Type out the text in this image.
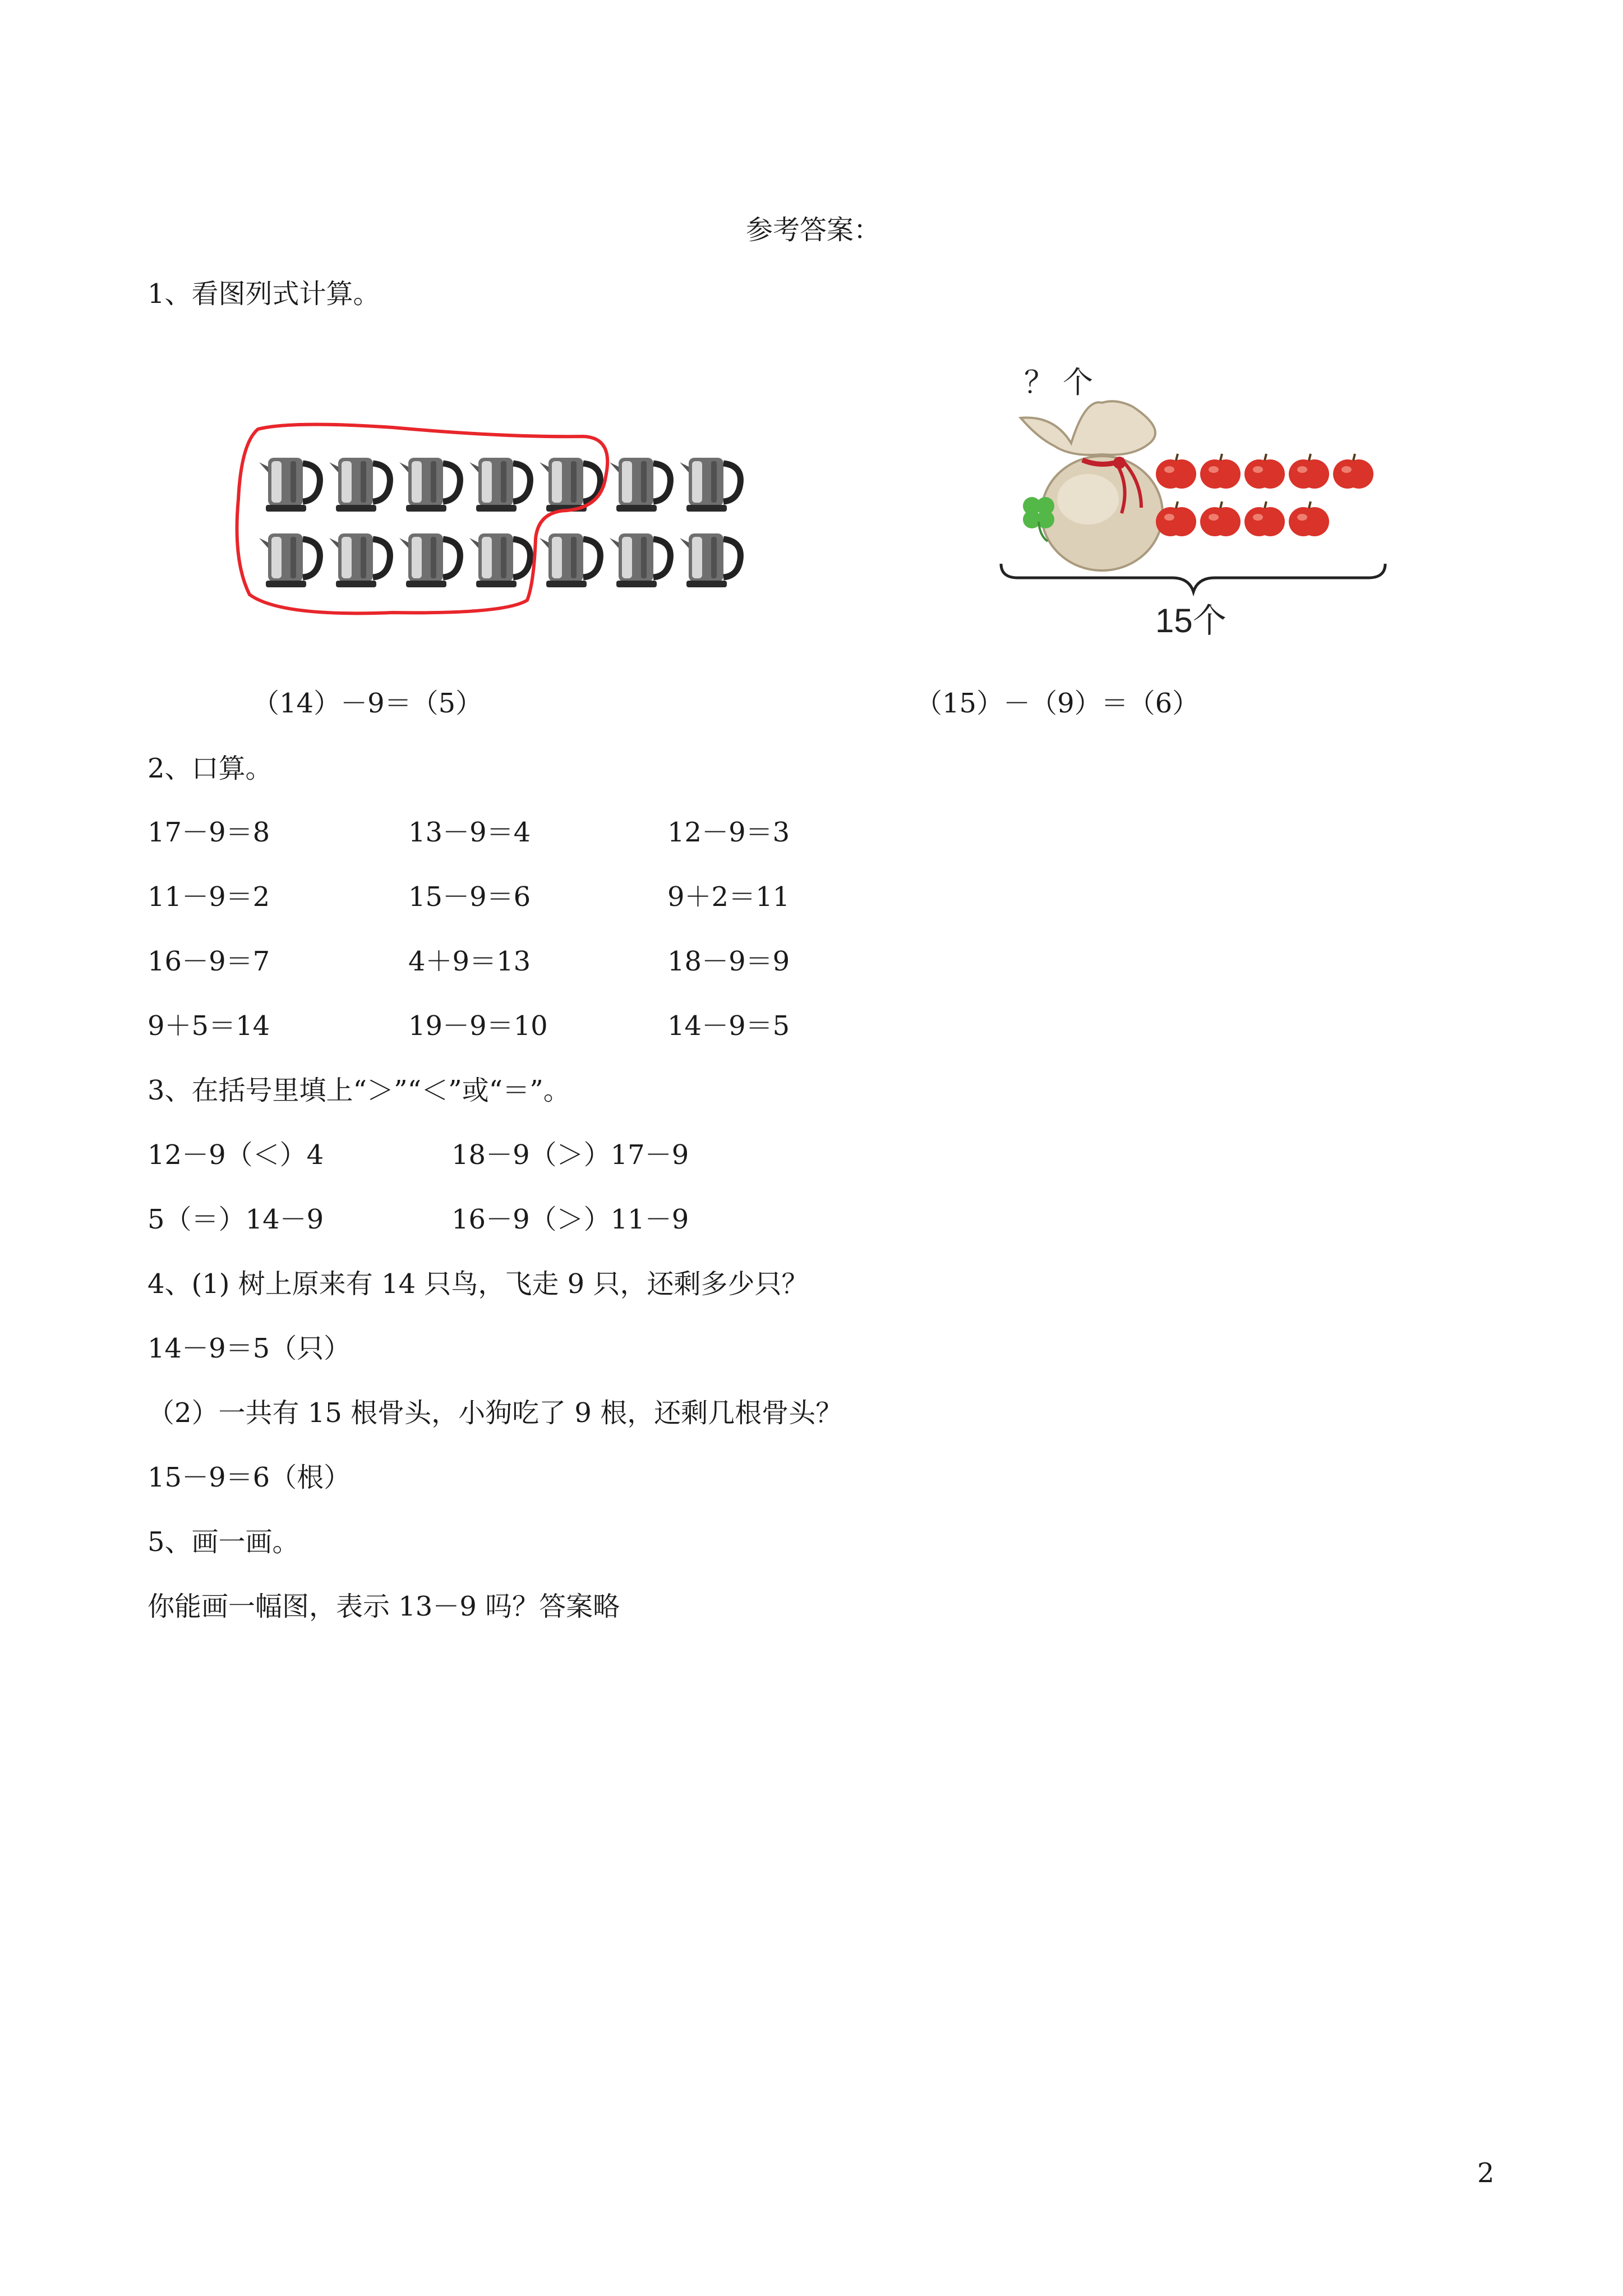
参考答案：
1、看图列式计算。
？ 个
15个
（14）－9＝（5）	（15）－（9）＝（6）
2、口算。
17－9＝8	13－9＝4	12－9＝3
11－9＝2	15－9＝6	9＋2＝11
16－9＝7	4＋9＝13	18－9＝9
9＋5＝14	19－9＝10	14－9＝5
3、在括号里填上“＞”“＜”或“＝”。
12－9（＜）4	18－9（＞）17－9
5（＝）14－9	16－9（＞）11－9
4、(1) 树上原来有 14 只鸟，飞走 9 只，还剩多少只？
14－9＝5（只）
（2）一共有 15 根骨头，小狗吃了 9 根，还剩几根骨头？
15－9＝6（根）
5、画一画。
你能画一幅图，表示 13－9 吗？答案略
2
